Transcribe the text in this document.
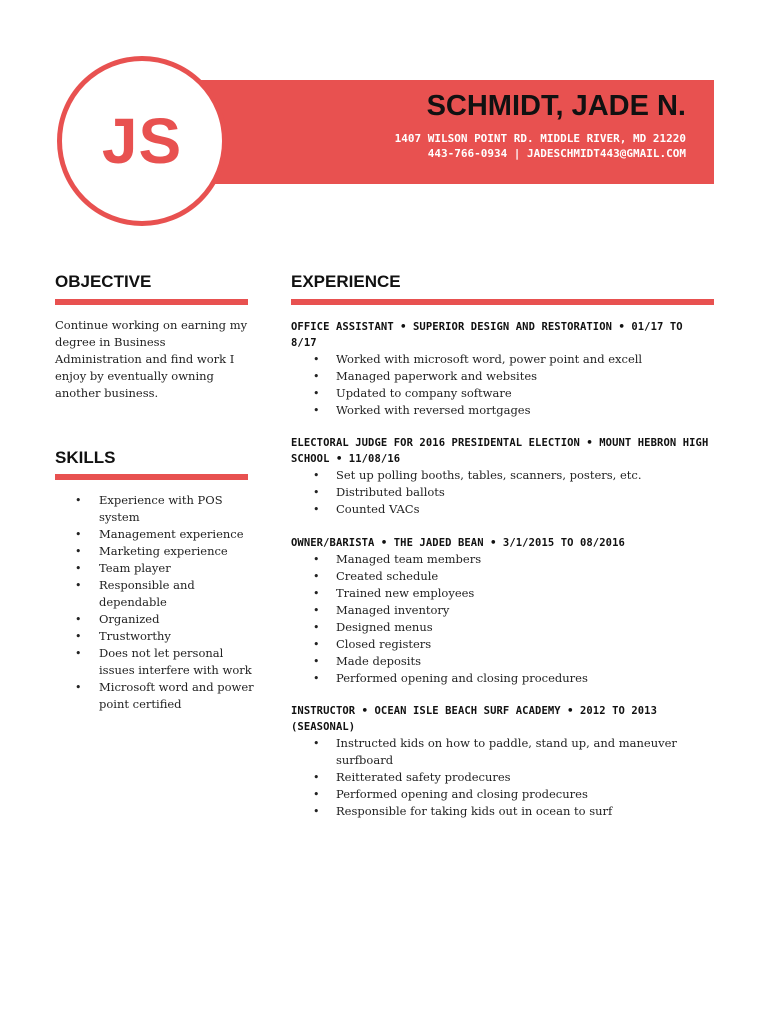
JS	SCHMIDT, JADE N.
1407 WILSON POINT RD. MIDDLE RIVER, MD 21220
443-766-0934 | JADESCHMIDT443@GMAIL.COM
OBJECTIVE
Continue working on earning my degree in Business Administration and find work I enjoy by eventually owning another business.
SKILLS
• Experience with POS system
• Management experience
• Marketing experience
• Team player
• Responsible and dependable
• Organized
• Trustworthy
• Does not let personal issues interfere with work
• Microsoft word and power point certified
EXPERIENCE

OFFICE ASSISTANT • SUPERIOR DESIGN AND RESTORATION • 01/17 TO 8/17

• Worked with microsoft word, power point and excell
• Managed paperwork and websites
• Updated to company software
• Worked with reversed mortgages

ELECTORAL JUDGE FOR 2016 PRESIDENTAL ELECTION • MOUNT HEBRON HIGH SCHOOL • 11/08/16

• Set up polling booths, tables, scanners, posters, etc.
• Distributed ballots
• Counted VACs

OWNER/BARISTA • THE JADED BEAN • 3/1/2015 TO 08/2016

• Managed team members
• Created schedule
• Trained new employees
• Managed inventory
• Designed menus
• Closed registers
• Made deposits
• Performed opening and closing procedures

INSTRUCTOR • OCEAN ISLE BEACH SURF ACADEMY • 2012 TO 2013 (SEASONAL)

• Instructed kids on how to paddle, stand up, and maneuver surfboard
• Reitterated safety prodecures
• Performed opening and closing prodecures
• Responsible for taking kids out in ocean to surf
